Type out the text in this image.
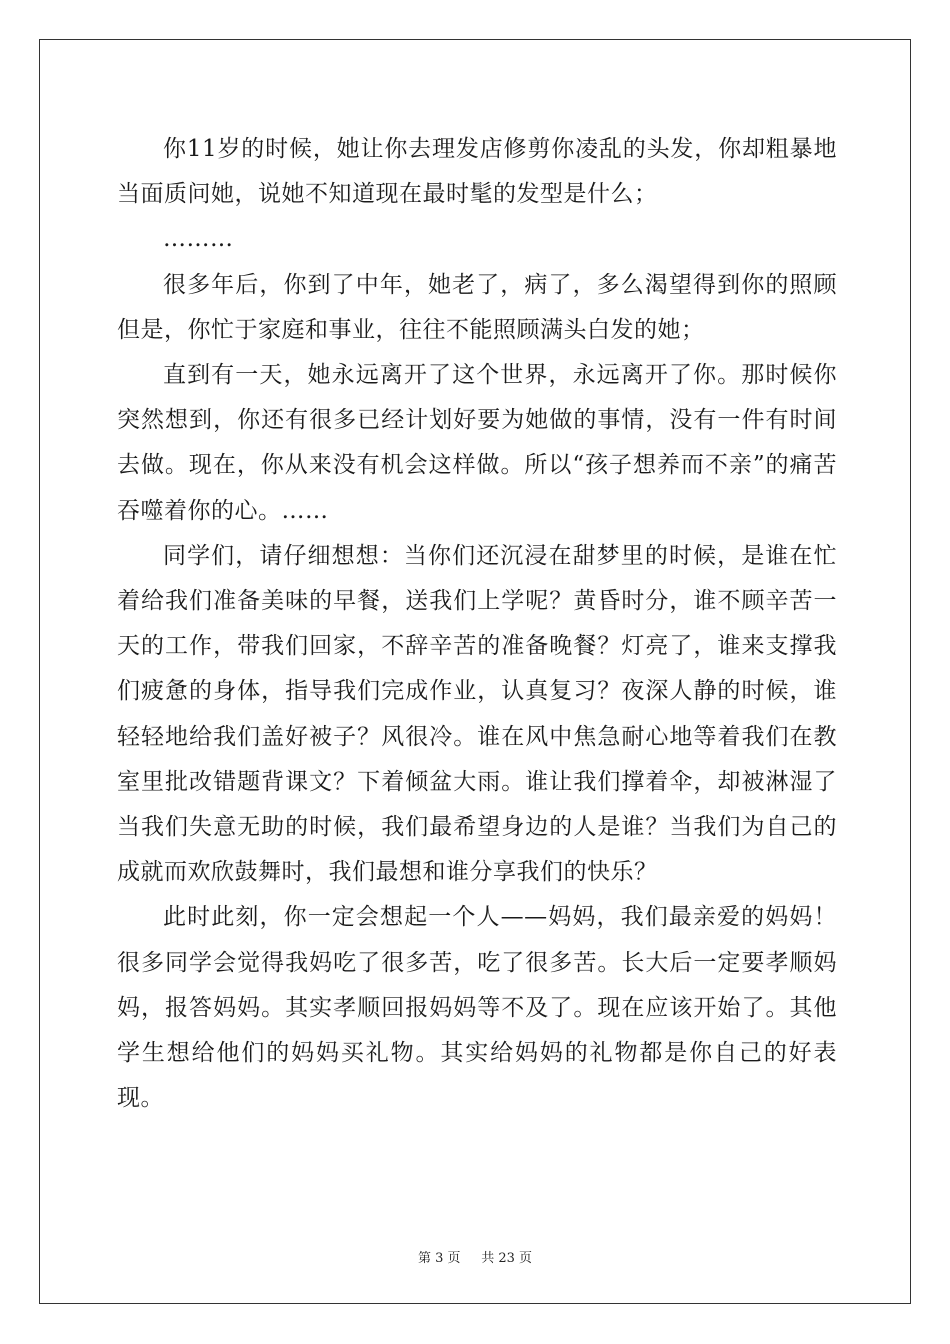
你11岁的时候，她让你去理发店修剪你凌乱的头发，你却粗暴地当面质问她，说她不知道现在最时髦的发型是什么；

………

很多年后，你到了中年，她老了，病了，多么渴望得到你的照顾但是，你忙于家庭和事业，往往不能照顾满头白发的她；

直到有一天，她永远离开了这个世界，永远离开了你。那时候你突然想到，你还有很多已经计划好要为她做的事情，没有一件有时间去做。现在，你从来没有机会这样做。所以“孩子想养而不亲”的痛苦吞噬着你的心。……

同学们，请仔细想想：当你们还沉浸在甜梦里的时候，是谁在忙着给我们准备美味的早餐，送我们上学呢？黄昏时分，谁不顾辛苦一天的工作，带我们回家，不辞辛苦的准备晚餐？灯亮了，谁来支撑我们疲惫的身体，指导我们完成作业，认真复习？夜深人静的时候，谁轻轻地给我们盖好被子？风很冷。谁在风中焦急耐心地等着我们在教室里批改错题背课文？下着倾盆大雨。谁让我们撑着伞，却被淋湿了当我们失意无助的时候，我们最希望身边的人是谁？当我们为自己的成就而欢欣鼓舞时，我们最想和谁分享我们的快乐？

此时此刻，你一定会想起一个人——妈妈，我们最亲爱的妈妈！很多同学会觉得我妈吃了很多苦，吃了很多苦。长大后一定要孝顺妈妈，报答妈妈。其实孝顺回报妈妈等不及了。现在应该开始了。其他学生想给他们的妈妈买礼物。其实给妈妈的礼物都是你自己的好表现。

第 3 页 共 23 页
